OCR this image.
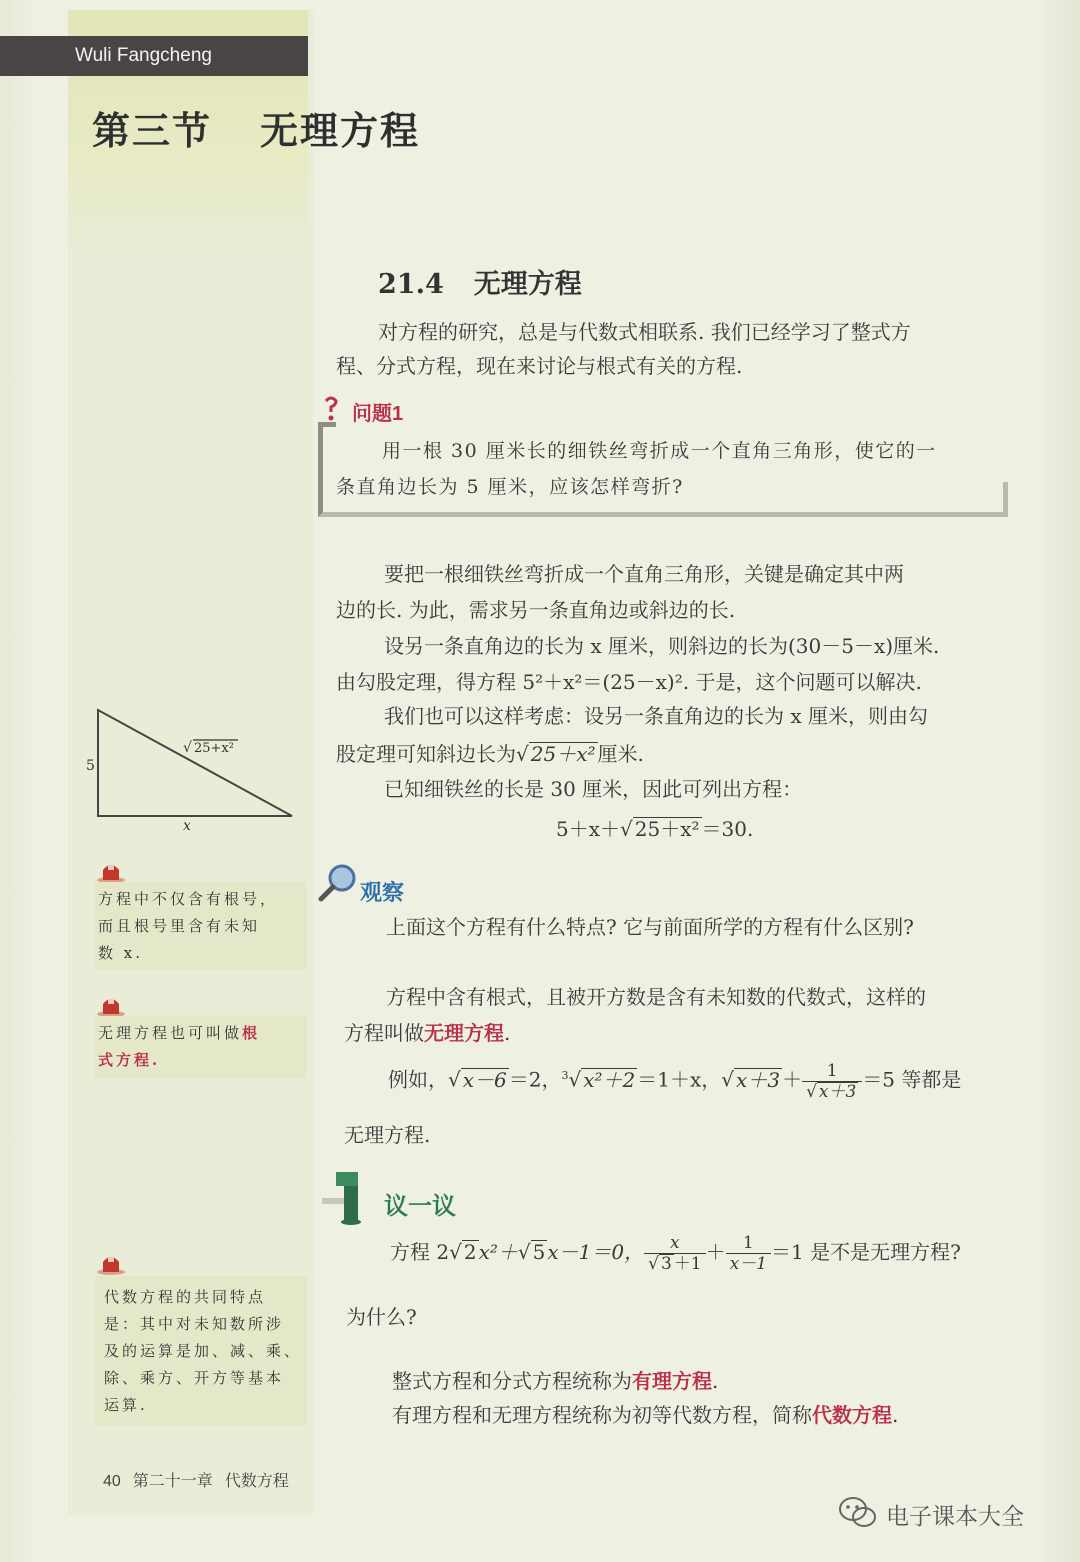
Wuli Fangcheng
第三节 无理方程
21.4 无理方程
对方程的研究，总是与代数式相联系. 我们已经学习了整式方
程、分式方程，现在来讨论与根式有关的方程.
问题1
用一根 30 厘米长的细铁丝弯折成一个直角三角形，使它的一
条直角边长为 5 厘米，应该怎样弯折?
要把一根细铁丝弯折成一个直角三角形，关键是确定其中两
边的长. 为此，需求另一条直角边或斜边的长.
设另一条直角边的长为 x 厘米，则斜边的长为(30－5－x)厘米.
由勾股定理，得方程 5²＋x²＝(25－x)². 于是，这个问题可以解决.
我们也可以这样考虑：设另一条直角边的长为 x 厘米，则由勾
股定理可知斜边长为√ 25＋x² 厘米.
已知细铁丝的长是 30 厘米，因此可列出方程：
5＋x＋√ 25＋x² ＝30.
5
x
√ 25+x²
方程中不仅含有根号，
而且根号里含有未知
数 x.
无理方程也可叫做根
式方程.
代数方程的共同特点
是：其中对未知数所涉
及的运算是加、减、乘、
除、乘方、开方等基本
运算.
观察
上面这个方程有什么特点? 它与前面所学的方程有什么区别?
方程中含有根式，且被开方数是含有未知数的代数式，这样的
方程叫做无理方程.
例如，√ x－6 ＝2，$^3$√ x²＋2 ＝1＋x，√ $x+3 + \frac{1}{√ x+3} =5$ 等都是
无理方程.
议一议
方程 2√ 2 x²＋√ 5 x－1＝0， $\frac{x}{√ 3 +1} + \frac{1}{x-1} =1$ 是不是无理方程?
为什么?
整式方程和分式方程统称为有理方程.
有理方程和无理方程统称为初等代数方程，简称代数方程.
40 第二十一章 代数方程
电子课本大全
